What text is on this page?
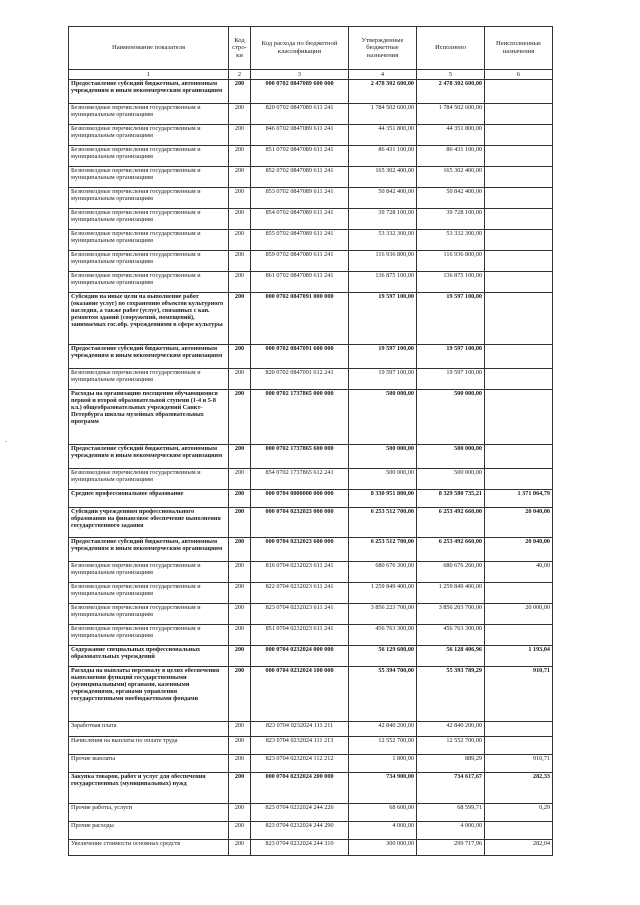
-
Наименование показателя	Код стро-ки	Код расхода по бюджетной классификации	Утвержденные бюджетные назначения	Исполнено	Неисполненные назначения
1	2	3	4	5	6
Предоставление субсидий бюджетным, автономным учреждениям и иным некоммерческим организациям	200	000 0702 0847089 600 000	2 478 302 600,00	2 478 302 600,00	
Безвозмездные перечисления государственным и муниципальным организациям	200	820 0702 0847089 611 241	1 784 502 600,00	1 784 502 600,00	
Безвозмездные перечисления государственным и муниципальным организациям	200	846 0702 0847089 611 241	44 351 800,00	44 351 800,00	
Безвозмездные перечисления государственным и муниципальным организациям	200	851 0702 0847089 611 241	86 431 100,00	86 431 100,00	
Безвозмездные перечисления государственным и муниципальным организациям	200	852 0702 0847089 611 241	165 302 400,00	165 302 400,00	
Безвозмездные перечисления государственным и муниципальным организациям	200	853 0702 0847089 611 241	50 842 400,00	50 842 400,00	
Безвозмездные перечисления государственным и муниципальным организациям	200	854 0702 0847089 611 241	39 728 100,00	39 728 100,00	
Безвозмездные перечисления государственным и муниципальным организациям	200	855 0702 0847089 611 241	53 332 300,00	53 332 300,00	
Безвозмездные перечисления государственным и муниципальным организациям	200	859 0702 0847089 611 241	116 936 800,00	116 936 800,00	
Безвозмездные перечисления государственным и муниципальным организациям	200	861 0702 0847089 611 241	136 875 100,00	136 875 100,00	
Субсидии на иные цели на выполнение работ (оказание услуг) по сохранению объектов культурного наследия, а также работ (услуг), связанных с кап. ремонтом зданий (сооружений, помещений), занимаемых гос.обр. учреждениями в сфере культуры	200	000 0702 0847091 000 000	19 597 100,00	19 597 100,00	
Предоставление субсидий бюджетным, автономным учреждениям и иным некоммерческим организациям	200	000 0702 0847091 600 000	19 597 100,00	19 597 100,00	
Безвозмездные перечисления государственным и муниципальным организациям	200	820 0702 0847091 612 241	19 597 100,00	19 597 100,00	
Расходы на организацию посещения обучающимися первой и второй образовательной ступени (1-4 и 5-8 кл.) общеобразовательных учреждений Санкт-Петербурга школы музейных образовательных программ	200	000 0702 1737865 000 000	500 000,00	500 000,00	
Предоставление субсидий бюджетным, автономным учреждениям и иным некоммерческим организациям	200	000 0702 1737865 600 000	500 000,00	500 000,00	
Безвозмездные перечисления государственным и муниципальным организациям	200	854 0702 1737865 612 241	500 000,00	500 000,00	
Среднее профессиональное образование	200	000 0704 0000000 000 000	8 330 951 800,00	8 329 580 735,21	1 371 064,79
Субсидии учреждениям профессионального образования на финансовое обеспечение выполнения государственного задания	200	000 0704 0232023 000 000	6 253 512 700,00	6 253 492 660,00	20 040,00
Предоставление субсидий бюджетным, автономным учреждениям и иным некоммерческим организациям	200	000 0704 0232023 600 000	6 253 512 700,00	6 253 492 660,00	20 040,00
Безвозмездные перечисления государственным и муниципальным организациям	200	816 0704 0232023 611 241	680 676 300,00	680 676 260,00	40,00
Безвозмездные перечисления государственным и муниципальным организациям	200	822 0704 0232023 611 241	1 259 849 400,00	1 259 849 400,00	
Безвозмездные перечисления государственным и муниципальным организациям	200	823 0704 0232023 611 241	3 856 223 700,00	3 856 203 700,00	20 000,00
Безвозмездные перечисления государственным и муниципальным организациям	200	851 0704 0232023 611 241	456 763 300,00	456 763 300,00	
Содержание специальных профессиональных образовательных учреждений	200	000 0704 0232024 000 000	56 129 600,00	56 128 406,96	1 193,04
Расходы на выплаты персоналу в целях обеспечения выполнения функций государственными (муниципальными) органами, казенными учреждениями, органами управления государственными внебюджетными фондами	200	000 0704 0232024 100 000	55 394 700,00	55 393 789,29	910,71
Заработная плата	200	823 0704 0232024 111 211	42 840 200,00	42 840 200,00	
Начисления на выплаты по оплате труда	200	823 0704 0232024 111 213	12 552 700,00	12 552 700,00	
Прочие выплаты	200	823 0704 0232024 112 212	1 800,00	889,29	910,71
Закупка товаров, работ и услуг для обеспечения государственных (муниципальных) нужд	200	000 0704 0232024 200 000	734 900,00	734 617,67	282,33
Прочие работы, услуги	200	823 0704 0232024 244 226	68 600,00	68 599,71	0,29
Прочие расходы	200	823 0704 0232024 244 290	4 000,00	4 000,00	
Увеличение стоимости основных средств	200	823 0704 0232024 244 310	300 000,00	299 717,96	282,04
